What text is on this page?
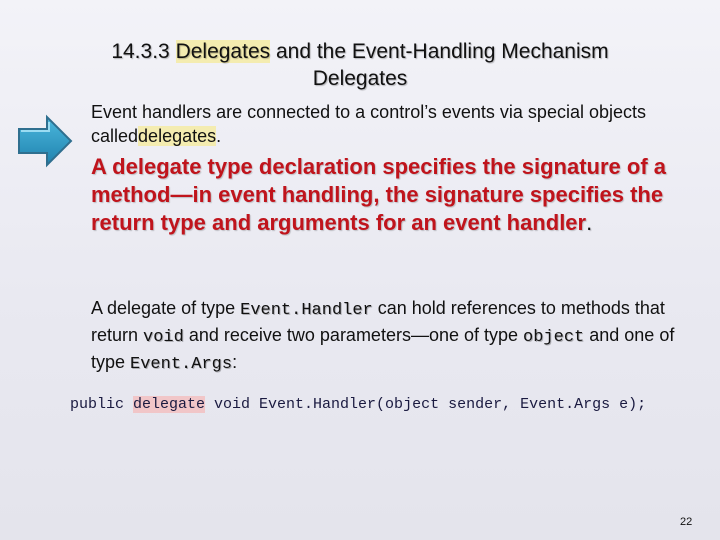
14.3.3 Delegates and the Event-Handling Mechanism
Delegates
Event handlers are connected to a control’s events via special objects calleddelegates.
A delegate type declaration specifies the signature of a method—in event handling, the signature specifies the return type and arguments for an event handler.
A delegate of type Event.Handler can hold references to methods that return void and receive two parameters—one of type object and one of type Event.Args:
public delegate void Event.Handler(object sender, Event.Args e);
22
